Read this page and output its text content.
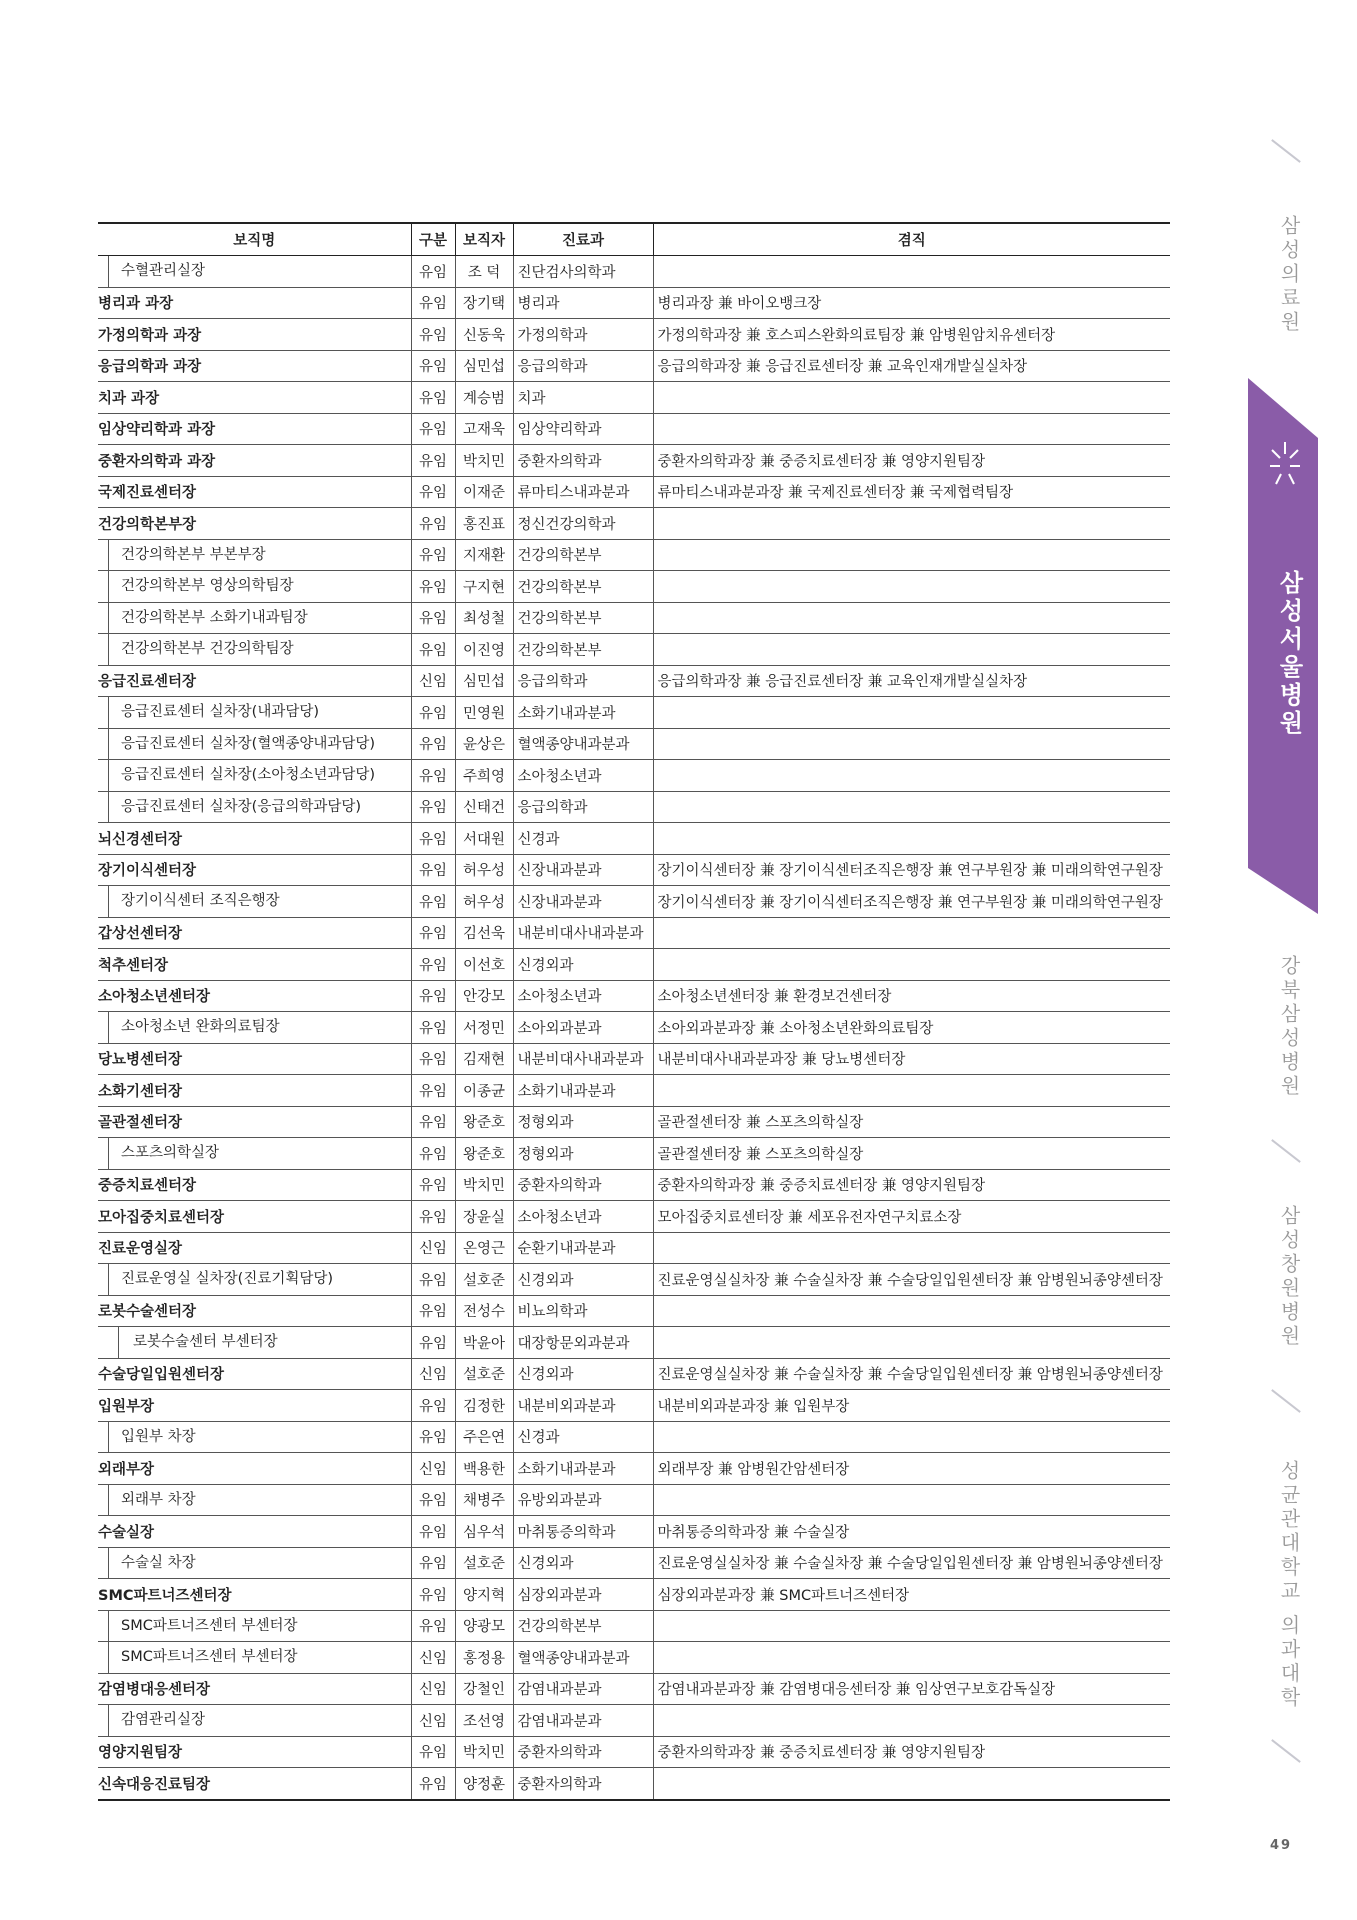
보직명	구분	보직자	진료과	겸직

수혈관리실장	유임	조 덕	진단검사의학과	

병리과 과장	유임	장기택	병리과	병리과장 兼 바이오뱅크장

가정의학과 과장	유임	신동욱	가정의학과	가정의학과장 兼 호스피스완화의료팀장 兼 암병원암치유센터장

응급의학과 과장	유임	심민섭	응급의학과	응급의학과장 兼 응급진료센터장 兼 교육인재개발실실차장

치과 과장	유임	계승범	치과	

임상약리학과 과장	유임	고재욱	임상약리학과	

중환자의학과 과장	유임	박치민	중환자의학과	중환자의학과장 兼 중증치료센터장 兼 영양지원팀장

국제진료센터장	유임	이재준	류마티스내과분과	류마티스내과분과장 兼 국제진료센터장 兼 국제협력팀장

건강의학본부장	유임	홍진표	정신건강의학과	

건강의학본부 부본부장	유임	지재환	건강의학본부	

건강의학본부 영상의학팀장	유임	구지현	건강의학본부	

건강의학본부 소화기내과팀장	유임	최성철	건강의학본부	

건강의학본부 건강의학팀장	유임	이진영	건강의학본부	

응급진료센터장	신임	심민섭	응급의학과	응급의학과장 兼 응급진료센터장 兼 교육인재개발실실차장

응급진료센터 실차장(내과담당)	유임	민영원	소화기내과분과	

응급진료센터 실차장(혈액종양내과담당)	유임	윤상은	혈액종양내과분과	

응급진료센터 실차장(소아청소년과담당)	유임	주희영	소아청소년과	

응급진료센터 실차장(응급의학과담당)	유임	신태건	응급의학과	

뇌신경센터장	유임	서대원	신경과	

장기이식센터장	유임	허우성	신장내과분과	장기이식센터장 兼 장기이식센터조직은행장 兼 연구부원장 兼 미래의학연구원장

장기이식센터 조직은행장	유임	허우성	신장내과분과	장기이식센터장 兼 장기이식센터조직은행장 兼 연구부원장 兼 미래의학연구원장

갑상선센터장	유임	김선욱	내분비대사내과분과	

척추센터장	유임	이선호	신경외과	

소아청소년센터장	유임	안강모	소아청소년과	소아청소년센터장 兼 환경보건센터장

소아청소년 완화의료팀장	유임	서정민	소아외과분과	소아외과분과장 兼 소아청소년완화의료팀장

당뇨병센터장	유임	김재현	내분비대사내과분과	내분비대사내과분과장 兼 당뇨병센터장

소화기센터장	유임	이종균	소화기내과분과	

골관절센터장	유임	왕준호	정형외과	골관절센터장 兼 스포츠의학실장

스포츠의학실장	유임	왕준호	정형외과	골관절센터장 兼 스포츠의학실장

중증치료센터장	유임	박치민	중환자의학과	중환자의학과장 兼 중증치료센터장 兼 영양지원팀장

모아집중치료센터장	유임	장윤실	소아청소년과	모아집중치료센터장 兼 세포유전자연구치료소장

진료운영실장	신임	온영근	순환기내과분과	

진료운영실 실차장(진료기획담당)	유임	설호준	신경외과	진료운영실실차장 兼 수술실차장 兼 수술당일입원센터장 兼 암병원뇌종양센터장

로봇수술센터장	유임	전성수	비뇨의학과	

로봇수술센터 부센터장	유임	박윤아	대장항문외과분과	

수술당일입원센터장	신임	설호준	신경외과	진료운영실실차장 兼 수술실차장 兼 수술당일입원센터장 兼 암병원뇌종양센터장

입원부장	유임	김정한	내분비외과분과	내분비외과분과장 兼 입원부장

입원부 차장	유임	주은연	신경과	

외래부장	신임	백용한	소화기내과분과	외래부장 兼 암병원간암센터장

외래부 차장	유임	채병주	유방외과분과	

수술실장	유임	심우석	마취통증의학과	마취통증의학과장 兼 수술실장

수술실 차장	유임	설호준	신경외과	진료운영실실차장 兼 수술실차장 兼 수술당일입원센터장 兼 암병원뇌종양센터장

SMC파트너즈센터장	유임	양지혁	심장외과분과	심장외과분과장 兼 SMC파트너즈센터장

SMC파트너즈센터 부센터장	유임	양광모	건강의학본부	

SMC파트너즈센터 부센터장	신임	홍정용	혈액종양내과분과	

감염병대응센터장	신임	강철인	감염내과분과	감염내과분과장 兼 감염병대응센터장 兼 임상연구보호감독실장

감염관리실장	신임	조선영	감염내과분과	

영양지원팀장	유임	박치민	중환자의학과	중환자의학과장 兼 중증치료센터장 兼 영양지원팀장

신속대응진료팀장	유임	양정훈	중환자의학과	
삼성의료원
삼성서울병원
강북삼성병원
삼성창원병원
성균관대학교 의과대학
49
